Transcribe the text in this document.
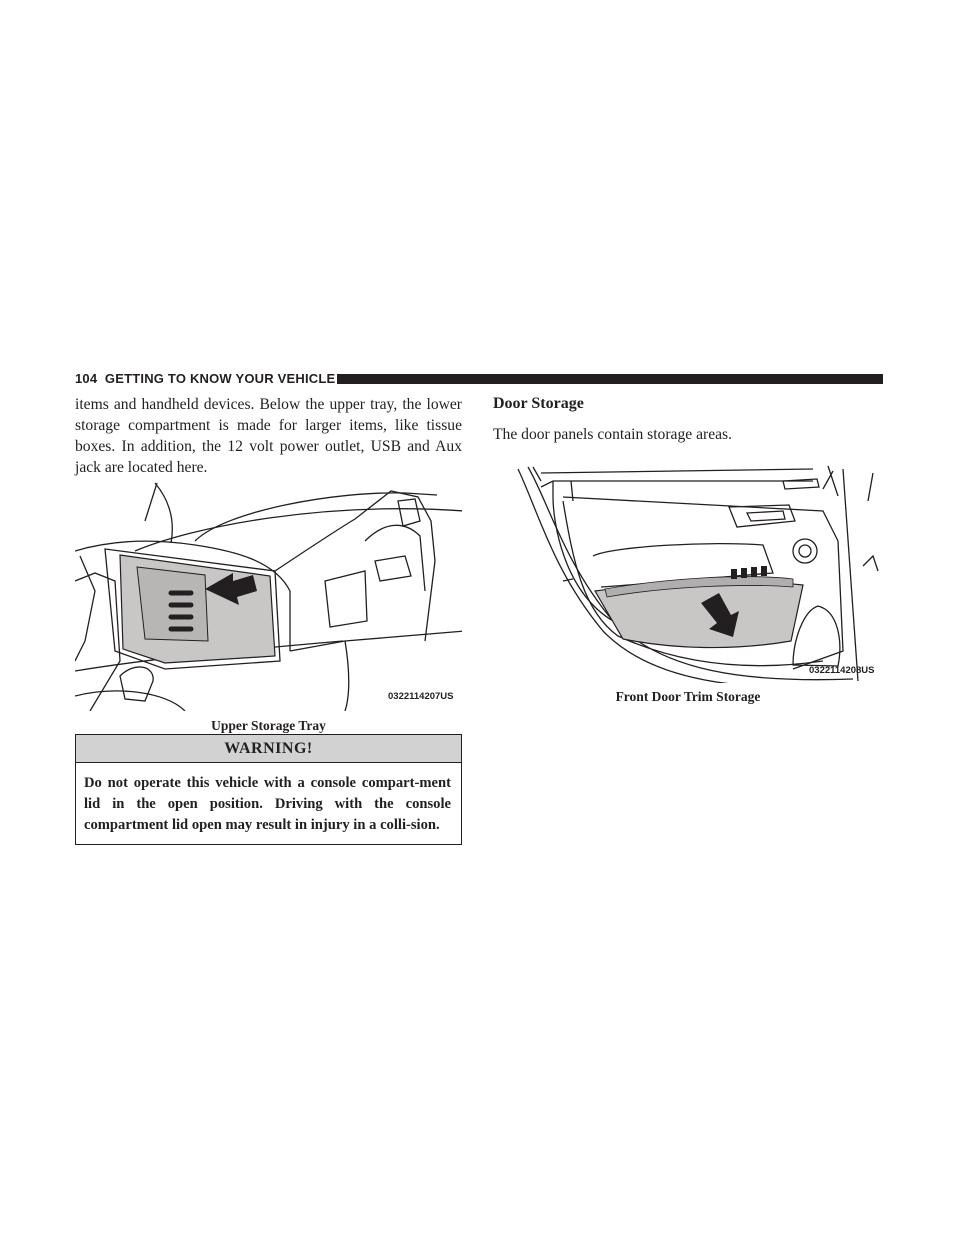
104 GETTING TO KNOW YOUR VEHICLE

items and handheld devices. Below the upper tray, the lower storage compartment is made for larger items, like tissue boxes. In addition, the 12 volt power outlet, USB and Aux jack are located here.

0322114207US
Upper Storage Tray
WARNING!
Do not operate this vehicle with a console compart-ment lid in the open position. Driving with the console compartment lid open may result in injury in a colli-sion.
Door Storage

The door panels contain storage areas.

0322114208US
Front Door Trim Storage
